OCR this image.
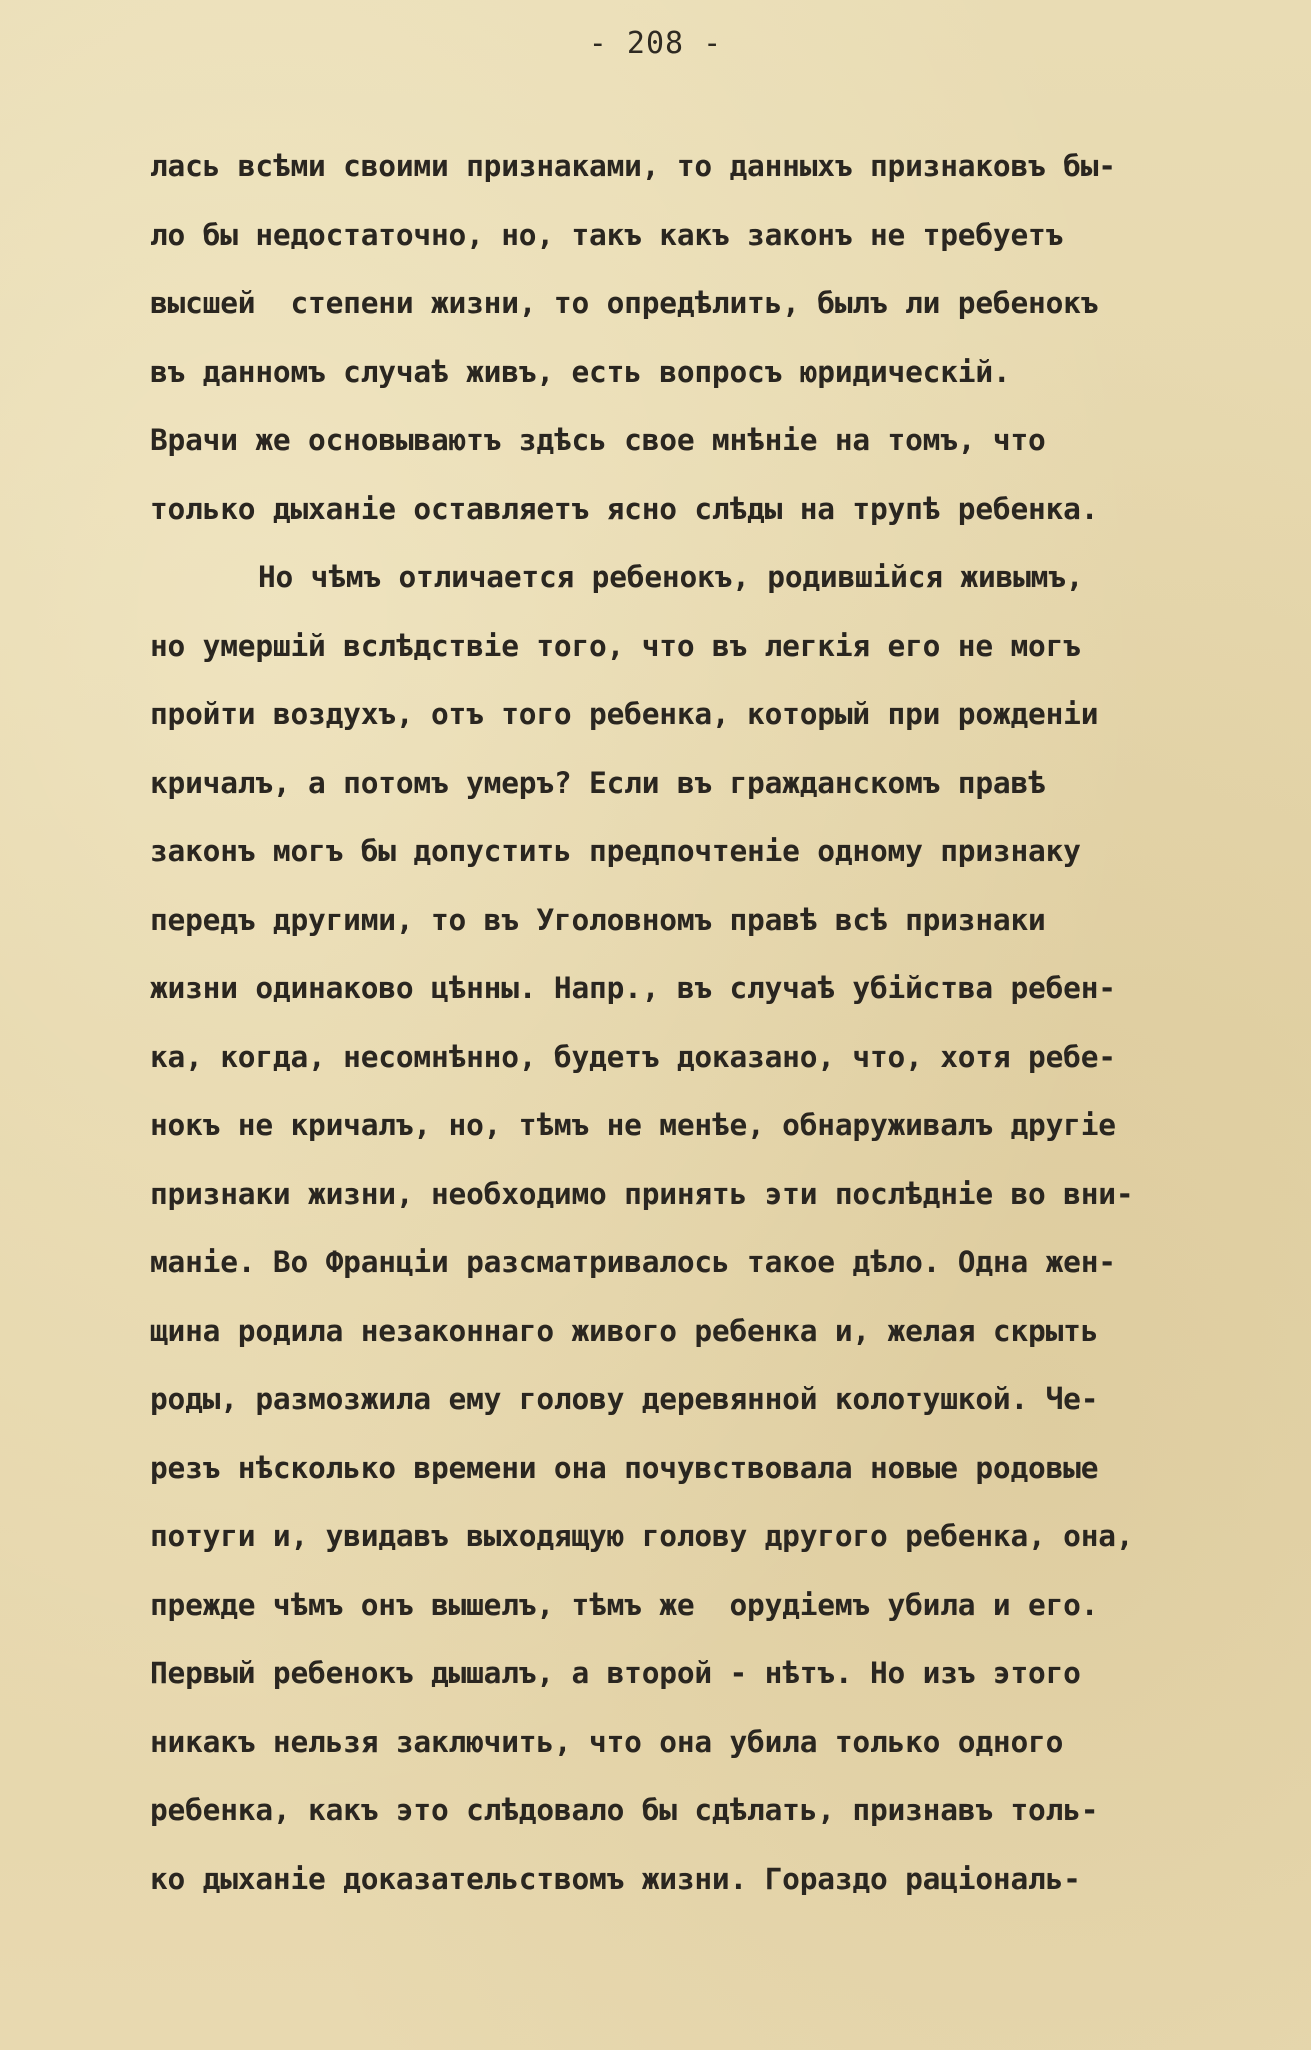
- 208 -
лась всѣми своими признаками, то данныхъ признаковъ бы-
ло бы недостаточно, но, такъ какъ законъ не требуетъ
высшей  степени жизни, то опредѣлить, былъ ли ребенокъ
въ данномъ случаѣ живъ, есть вопросъ юридическій.
Врачи же основываютъ здѣсь свое мнѣніе на томъ, что
только дыханіе оставляетъ ясно слѣды на трупѣ ребенка.
Но чѣмъ отличается ребенокъ, родившійся живымъ,
но умершій вслѣдствіе того, что въ легкія его не могъ
пройти воздухъ, отъ того ребенка, который при рожденіи
кричалъ, а потомъ умеръ? Если въ гражданскомъ правѣ
законъ могъ бы допустить предпочтеніе одному признаку
передъ другими, то въ Уголовномъ правѣ всѣ признаки
жизни одинаково цѣнны. Напр., въ случаѣ убійства ребен-
ка, когда, несомнѣнно, будетъ доказано, что, хотя ребе-
нокъ не кричалъ, но, тѣмъ не менѣе, обнаруживалъ другіе
признаки жизни, необходимо принять эти послѣдніе во вни-
маніе. Во Франціи разсматривалось такое дѣло. Одна жен-
щина родила незаконнаго живого ребенка и, желая скрыть
роды, размозжила ему голову деревянной колотушкой. Че-
резъ нѣсколько времени она почувствовала новые родовые
потуги и, увидавъ выходящую голову другого ребенка, она,
прежде чѣмъ онъ вышелъ, тѣмъ же  орудіемъ убила и его.
Первый ребенокъ дышалъ, а второй - нѣтъ. Но изъ этого
никакъ нельзя заключить, что она убила только одного
ребенка, какъ это слѣдовало бы сдѣлать, признавъ толь-
ко дыханіе доказательствомъ жизни. Гораздо раціональ-
